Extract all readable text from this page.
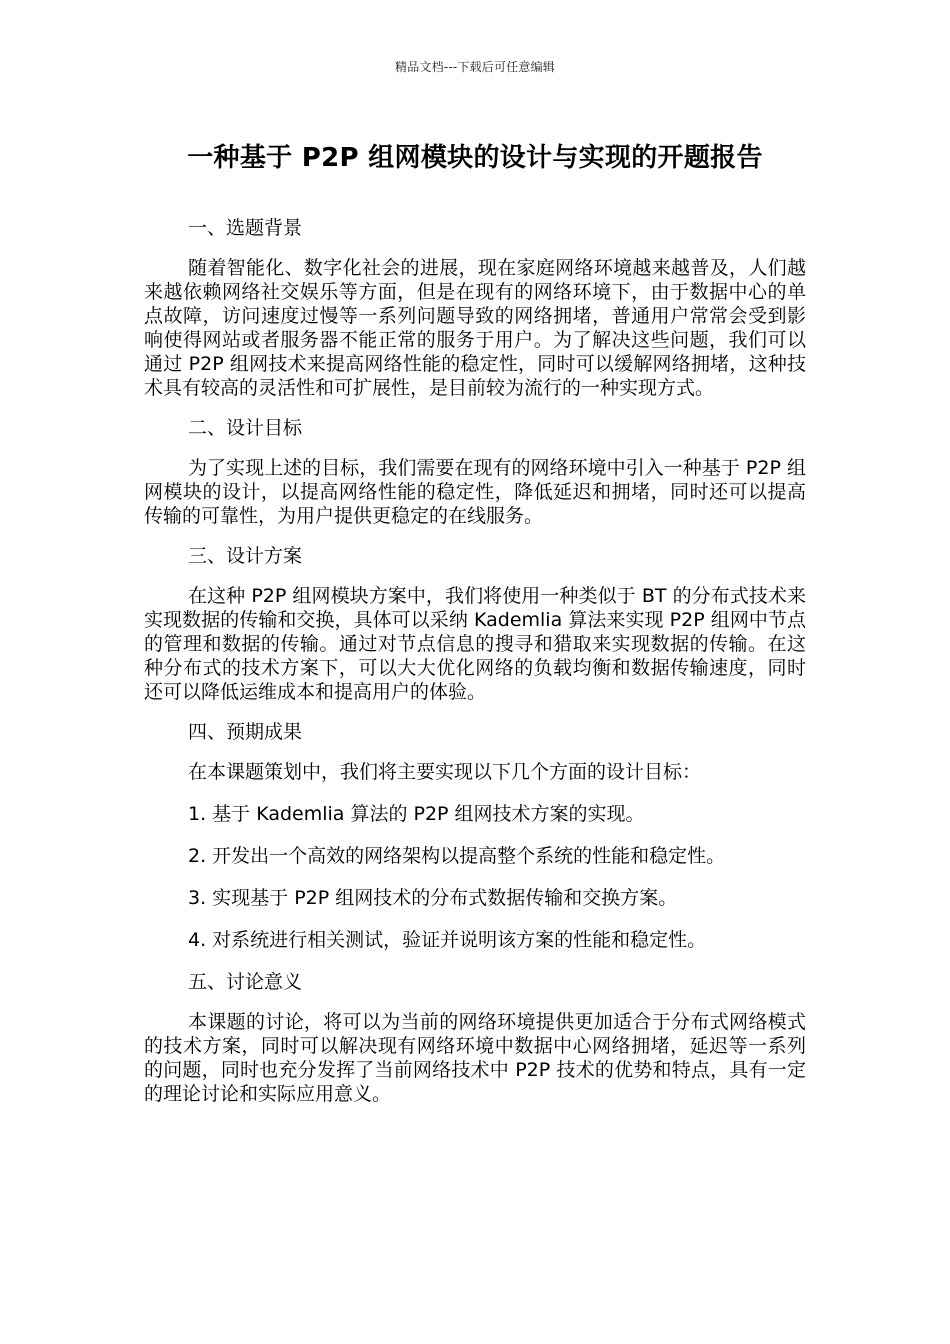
精品文档---下载后可任意编辑
一种基于 P2P 组网模块的设计与实现的开题报告
一、选题背景
随着智能化、数字化社会的进展，现在家庭网络环境越来越普及，人们越来越依赖网络社交娱乐等方面，但是在现有的网络环境下，由于数据中心的单点故障，访问速度过慢等一系列问题导致的网络拥堵，普通用户常常会受到影响使得网站或者服务器不能正常的服务于用户。为了解决这些问题，我们可以通过 P2P 组网技术来提高网络性能的稳定性，同时可以缓解网络拥堵，这种技术具有较高的灵活性和可扩展性，是目前较为流行的一种实现方式。
二、设计目标
为了实现上述的目标，我们需要在现有的网络环境中引入一种基于 P2P 组网模块的设计，以提高网络性能的稳定性，降低延迟和拥堵，同时还可以提高传输的可靠性，为用户提供更稳定的在线服务。
三、设计方案
在这种 P2P 组网模块方案中，我们将使用一种类似于 BT 的分布式技术来实现数据的传输和交换，具体可以采纳 Kademlia 算法来实现 P2P 组网中节点的管理和数据的传输。通过对节点信息的搜寻和猎取来实现数据的传输。在这种分布式的技术方案下，可以大大优化网络的负载均衡和数据传输速度，同时还可以降低运维成本和提高用户的体验。
四、预期成果
在本课题策划中，我们将主要实现以下几个方面的设计目标：
1. 基于 Kademlia 算法的 P2P 组网技术方案的实现。
2. 开发出一个高效的网络架构以提高整个系统的性能和稳定性。
3. 实现基于 P2P 组网技术的分布式数据传输和交换方案。
4. 对系统进行相关测试，验证并说明该方案的性能和稳定性。
五、讨论意义
本课题的讨论，将可以为当前的网络环境提供更加适合于分布式网络模式的技术方案，同时可以解决现有网络环境中数据中心网络拥堵，延迟等一系列的问题，同时也充分发挥了当前网络技术中 P2P 技术的优势和特点，具有一定的理论讨论和实际应用意义。
